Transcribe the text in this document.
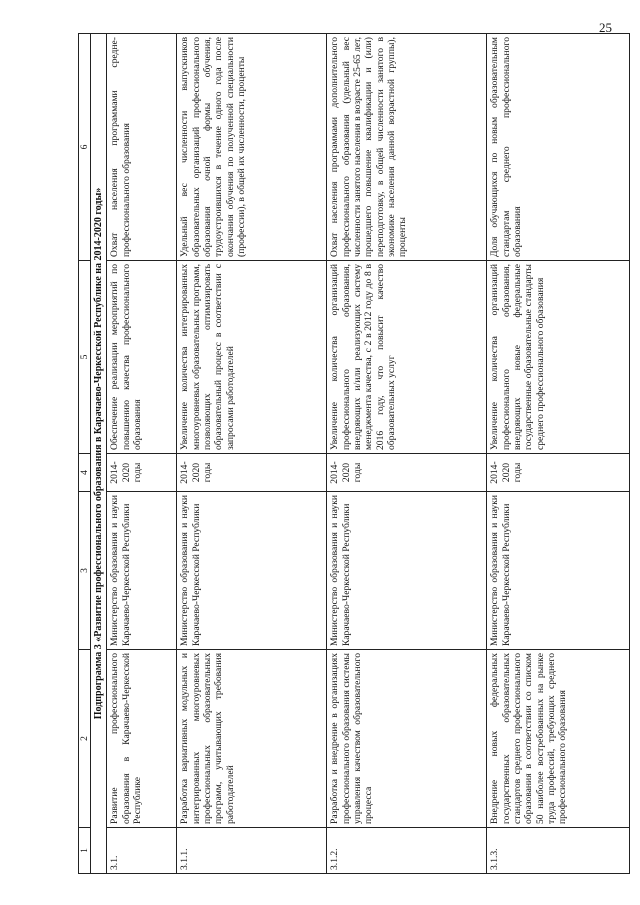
25
1	2	3	4	5	6
Подпрограмма 3 «Развитие профессионального образования в Карачаево-Черкесской Республике на 2014-2020 годы»					
3.1.	Развитие профессионального образования в Карачаево-Черкесской Республике	Министерство образования и науки Карачаево-Черкесской Республики	2014-2020 годы	Обеспечение реализации мероприятий по повышению качества профессионального образования	Охват населения программами средне-профессионального образования
3.1.1.	Разработка вариативных модульных и интегрированных многоуровневых профессиональных образовательных программ, учитывающих требования работодателей	Министерство образования и науки Карачаево-Черкесской Республики	2014-2020 годы	Увеличение количества интегрированных многоуровневых образовательных программ, позволяющих оптимизировать образовательный процесс в соответствии с запросами работодателей	Удельный вес численности выпускников образовательных организаций профессионального образования очной формы обучения, трудоустроившихся в течение одного года после окончания обучения по полученной специальности (профессии), в общей их численности, проценты
3.1.2.	Разработка и внедрение в организациях профессионального образования системы управления качеством образовательного процесса	Министерство образования и науки Карачаево-Черкесской Республики	2014-2020 годы	Увеличение количества организаций профессионального образования, внедряющих и/или реализующих систему менеджмента качества, с 2 в 2012 году до 8 в 2016 году, что повысит качество образовательных услуг	Охват населения программами дополнительного профессионального образования (удельный вес численности занятого населения в возрасте 25-65 лет, прошедшего повышение квалификации и (или) переподготовку, в общей численности занятого в экономике населения данной возрастной группы), проценты
3.1.3.	Внедрение новых федеральных государственных образовательных стандартов среднего профессионального образования в соответствии со списком 50 наиболее востребованных на рынке труда профессий, требующих среднего профессионального образования	Министерство образования и науки Карачаево-Черкесской Республики	2014-2020 годы	Увеличение количества организаций профессионального образования, внедряющих новые федеральные государственные образовательные стандарты среднего профессионального образования	Доля обучающихся по новым образовательным стандартам среднего профессионального образования
